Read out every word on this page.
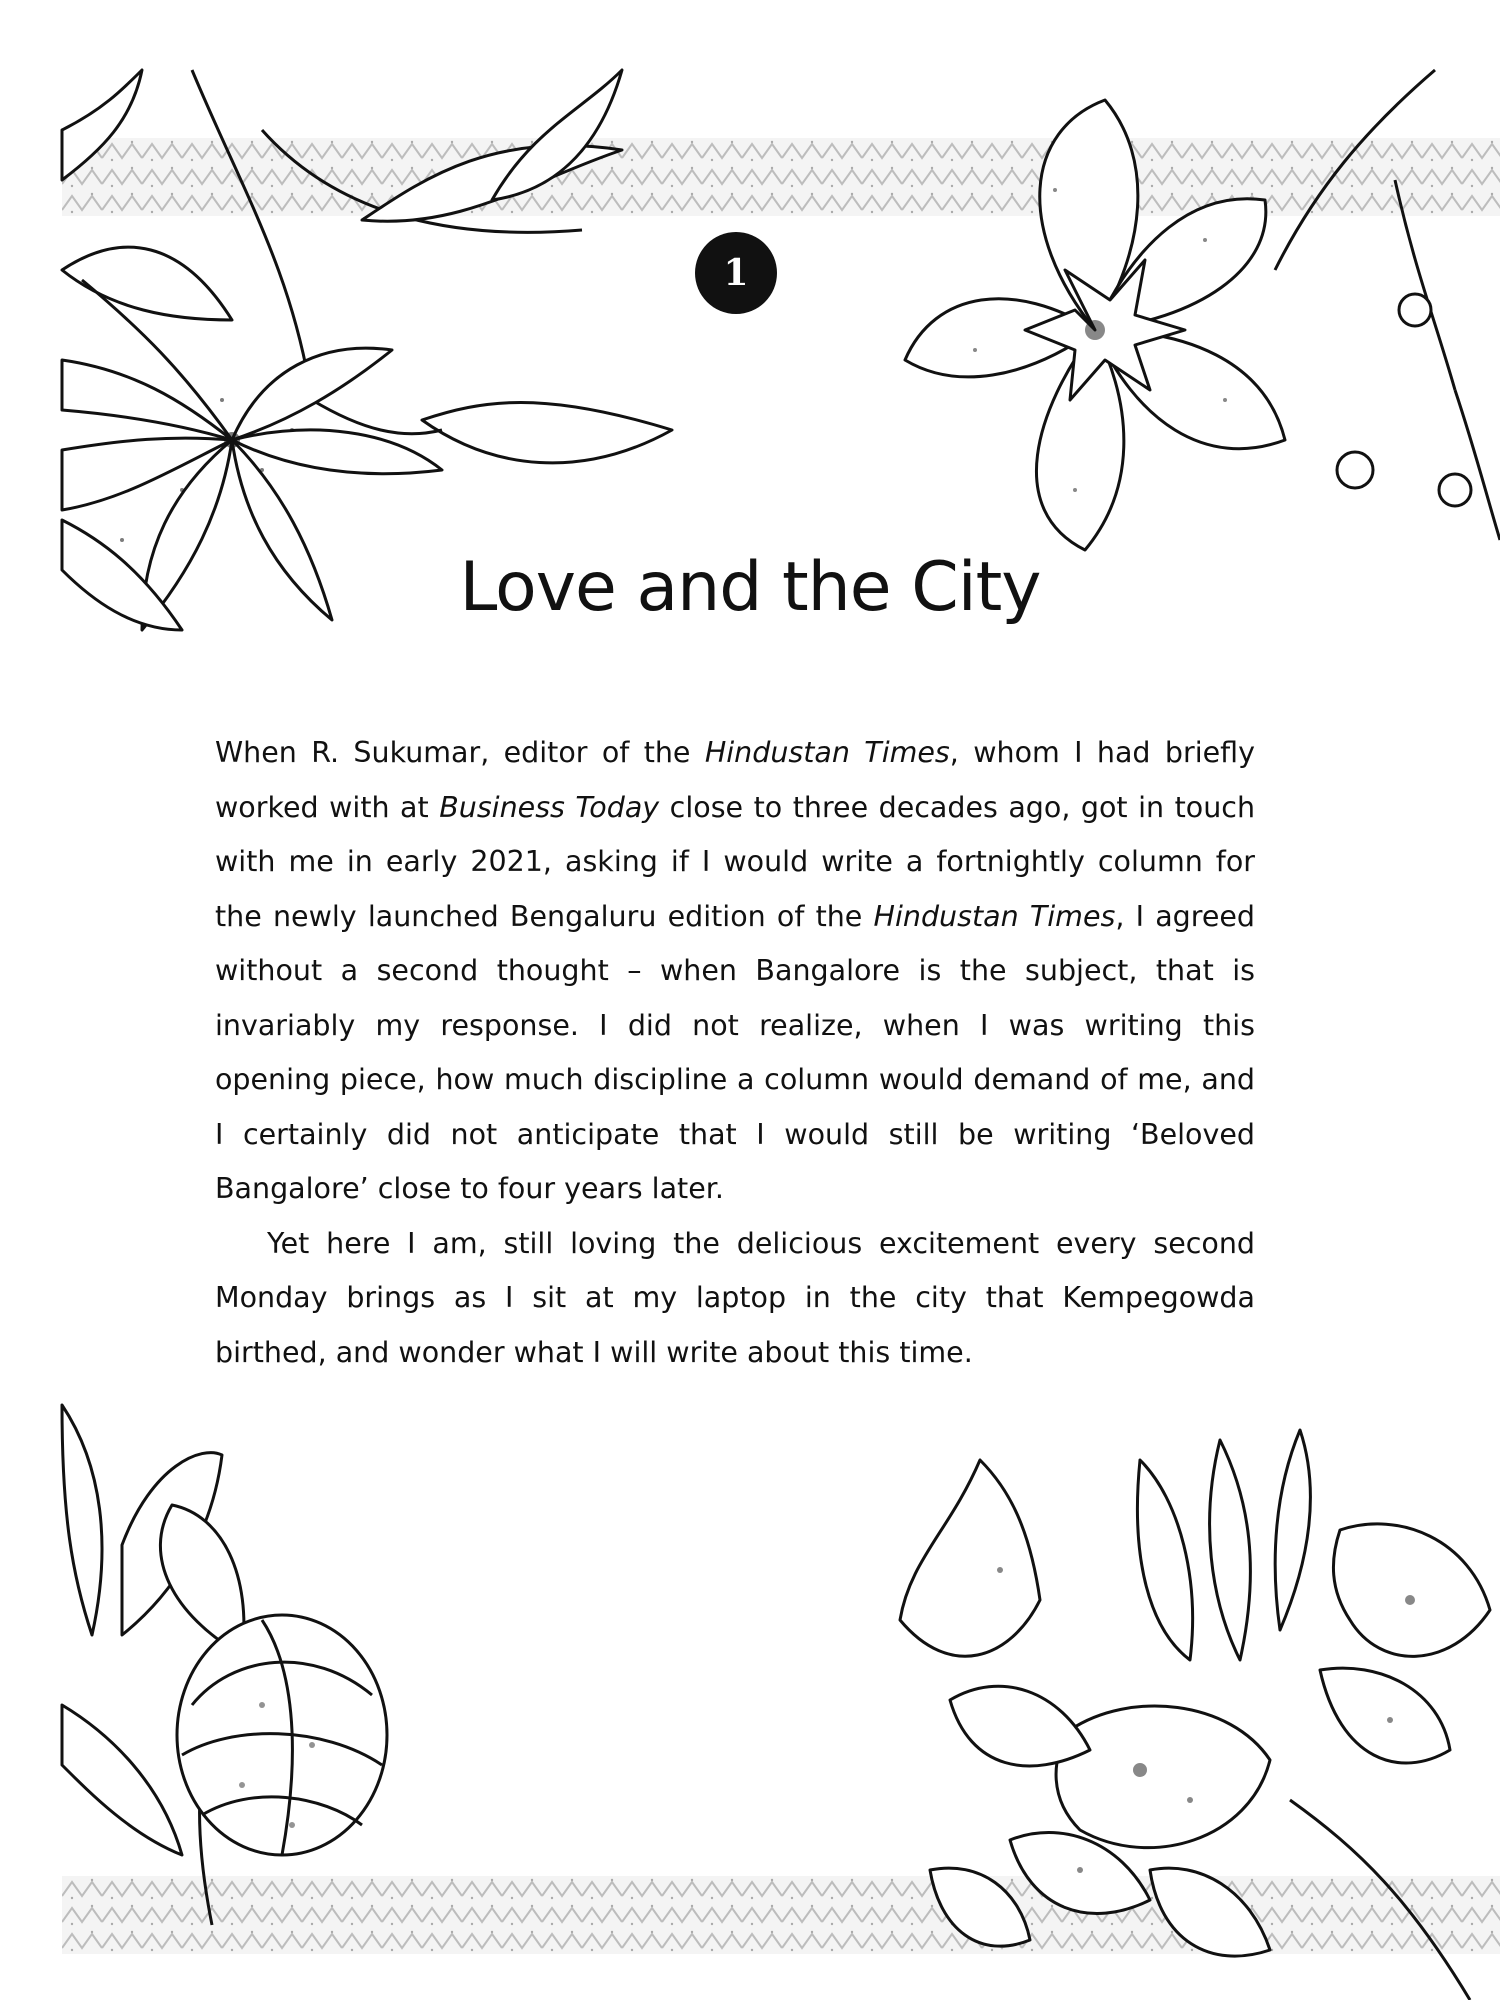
1
Love and the City

When R. Sukumar, editor of the Hindustan Times, whom I had briefly worked with at Business Today close to three decades ago, got in touch with me in early 2021, asking if I would write a fortnightly column for the newly launched Bengaluru edition of the Hindustan Times, I agreed without a second thought – when Bangalore is the subject, that is invariably my response. I did not realize, when I was writing this opening piece, how much discipline a column would demand of me, and I certainly did not anticipate that I would still be writing ‘Beloved Bangalore’ close to four years later.

Yet here I am, still loving the delicious excitement every second Monday brings as I sit at my laptop in the city that Kempegowda birthed, and wonder what I will write about this time.
